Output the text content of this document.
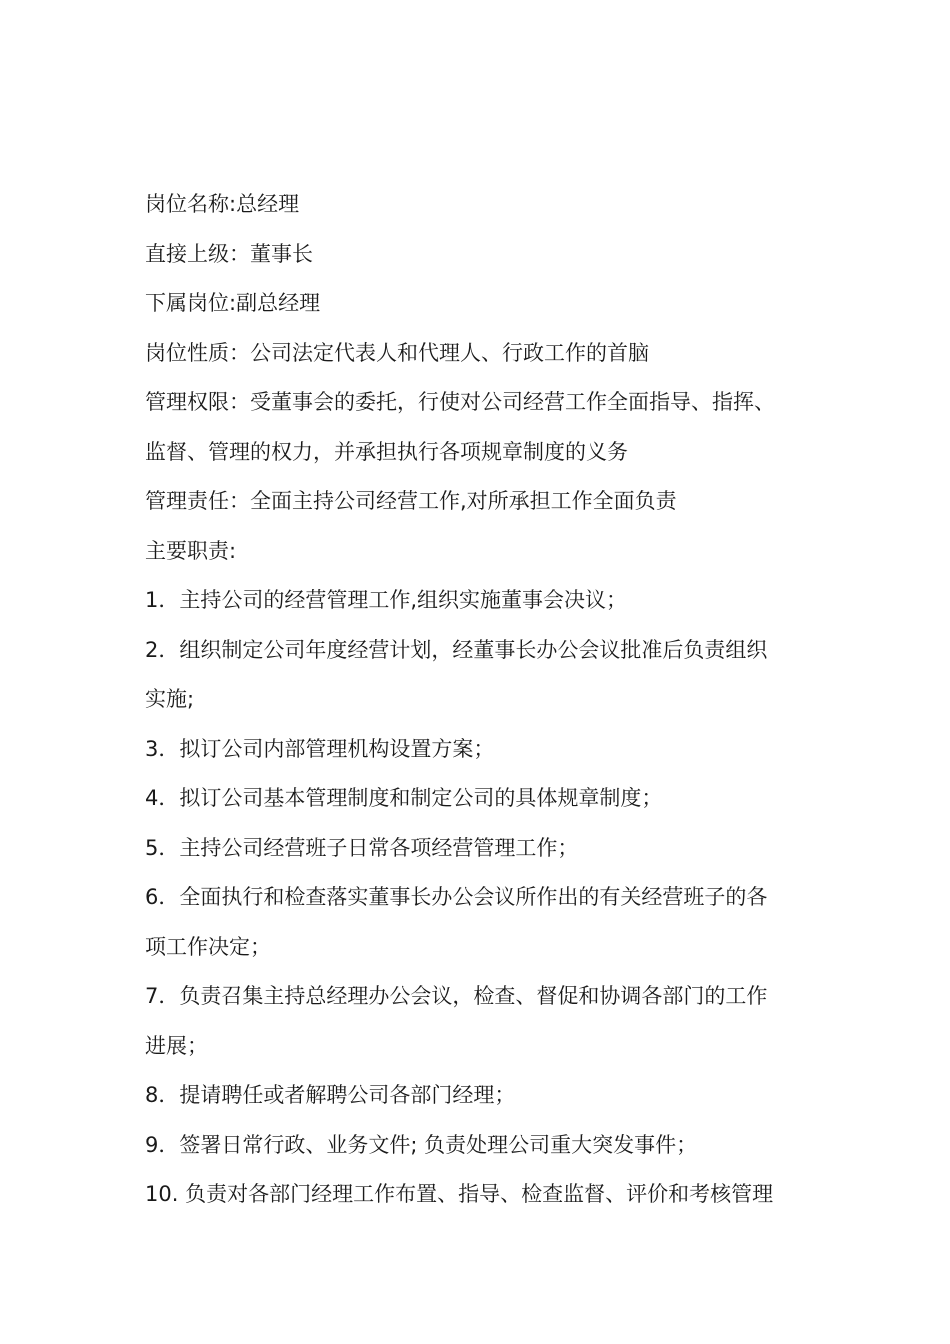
岗位名称:总经理

直接上级：董事长

下属岗位:副总经理

岗位性质：公司法定代表人和代理人、行政工作的首脑

管理权限：受董事会的委托，行使对公司经营工作全面指导、指挥、

监督、管理的权力，并承担执行各项规章制度的义务

管理责任：全面主持公司经营工作,对所承担工作全面负责

主要职责:

1．主持公司的经营管理工作,组织实施董事会决议；
2．组织制定公司年度经营计划，经董事长办公会议批准后负责组织
实施;
3．拟订公司内部管理机构设置方案；
4．拟订公司基本管理制度和制定公司的具体规章制度；
5．主持公司经营班子日常各项经营管理工作；
6．全面执行和检查落实董事长办公会议所作出的有关经营班子的各
项工作决定；
7．负责召集主持总经理办公会议，检查、督促和协调各部门的工作
进展；
8．提请聘任或者解聘公司各部门经理；
9．签署日常行政、业务文件; 负责处理公司重大突发事件；
10. 负责对各部门经理工作布置、指导、检查监督、评价和考核管理
